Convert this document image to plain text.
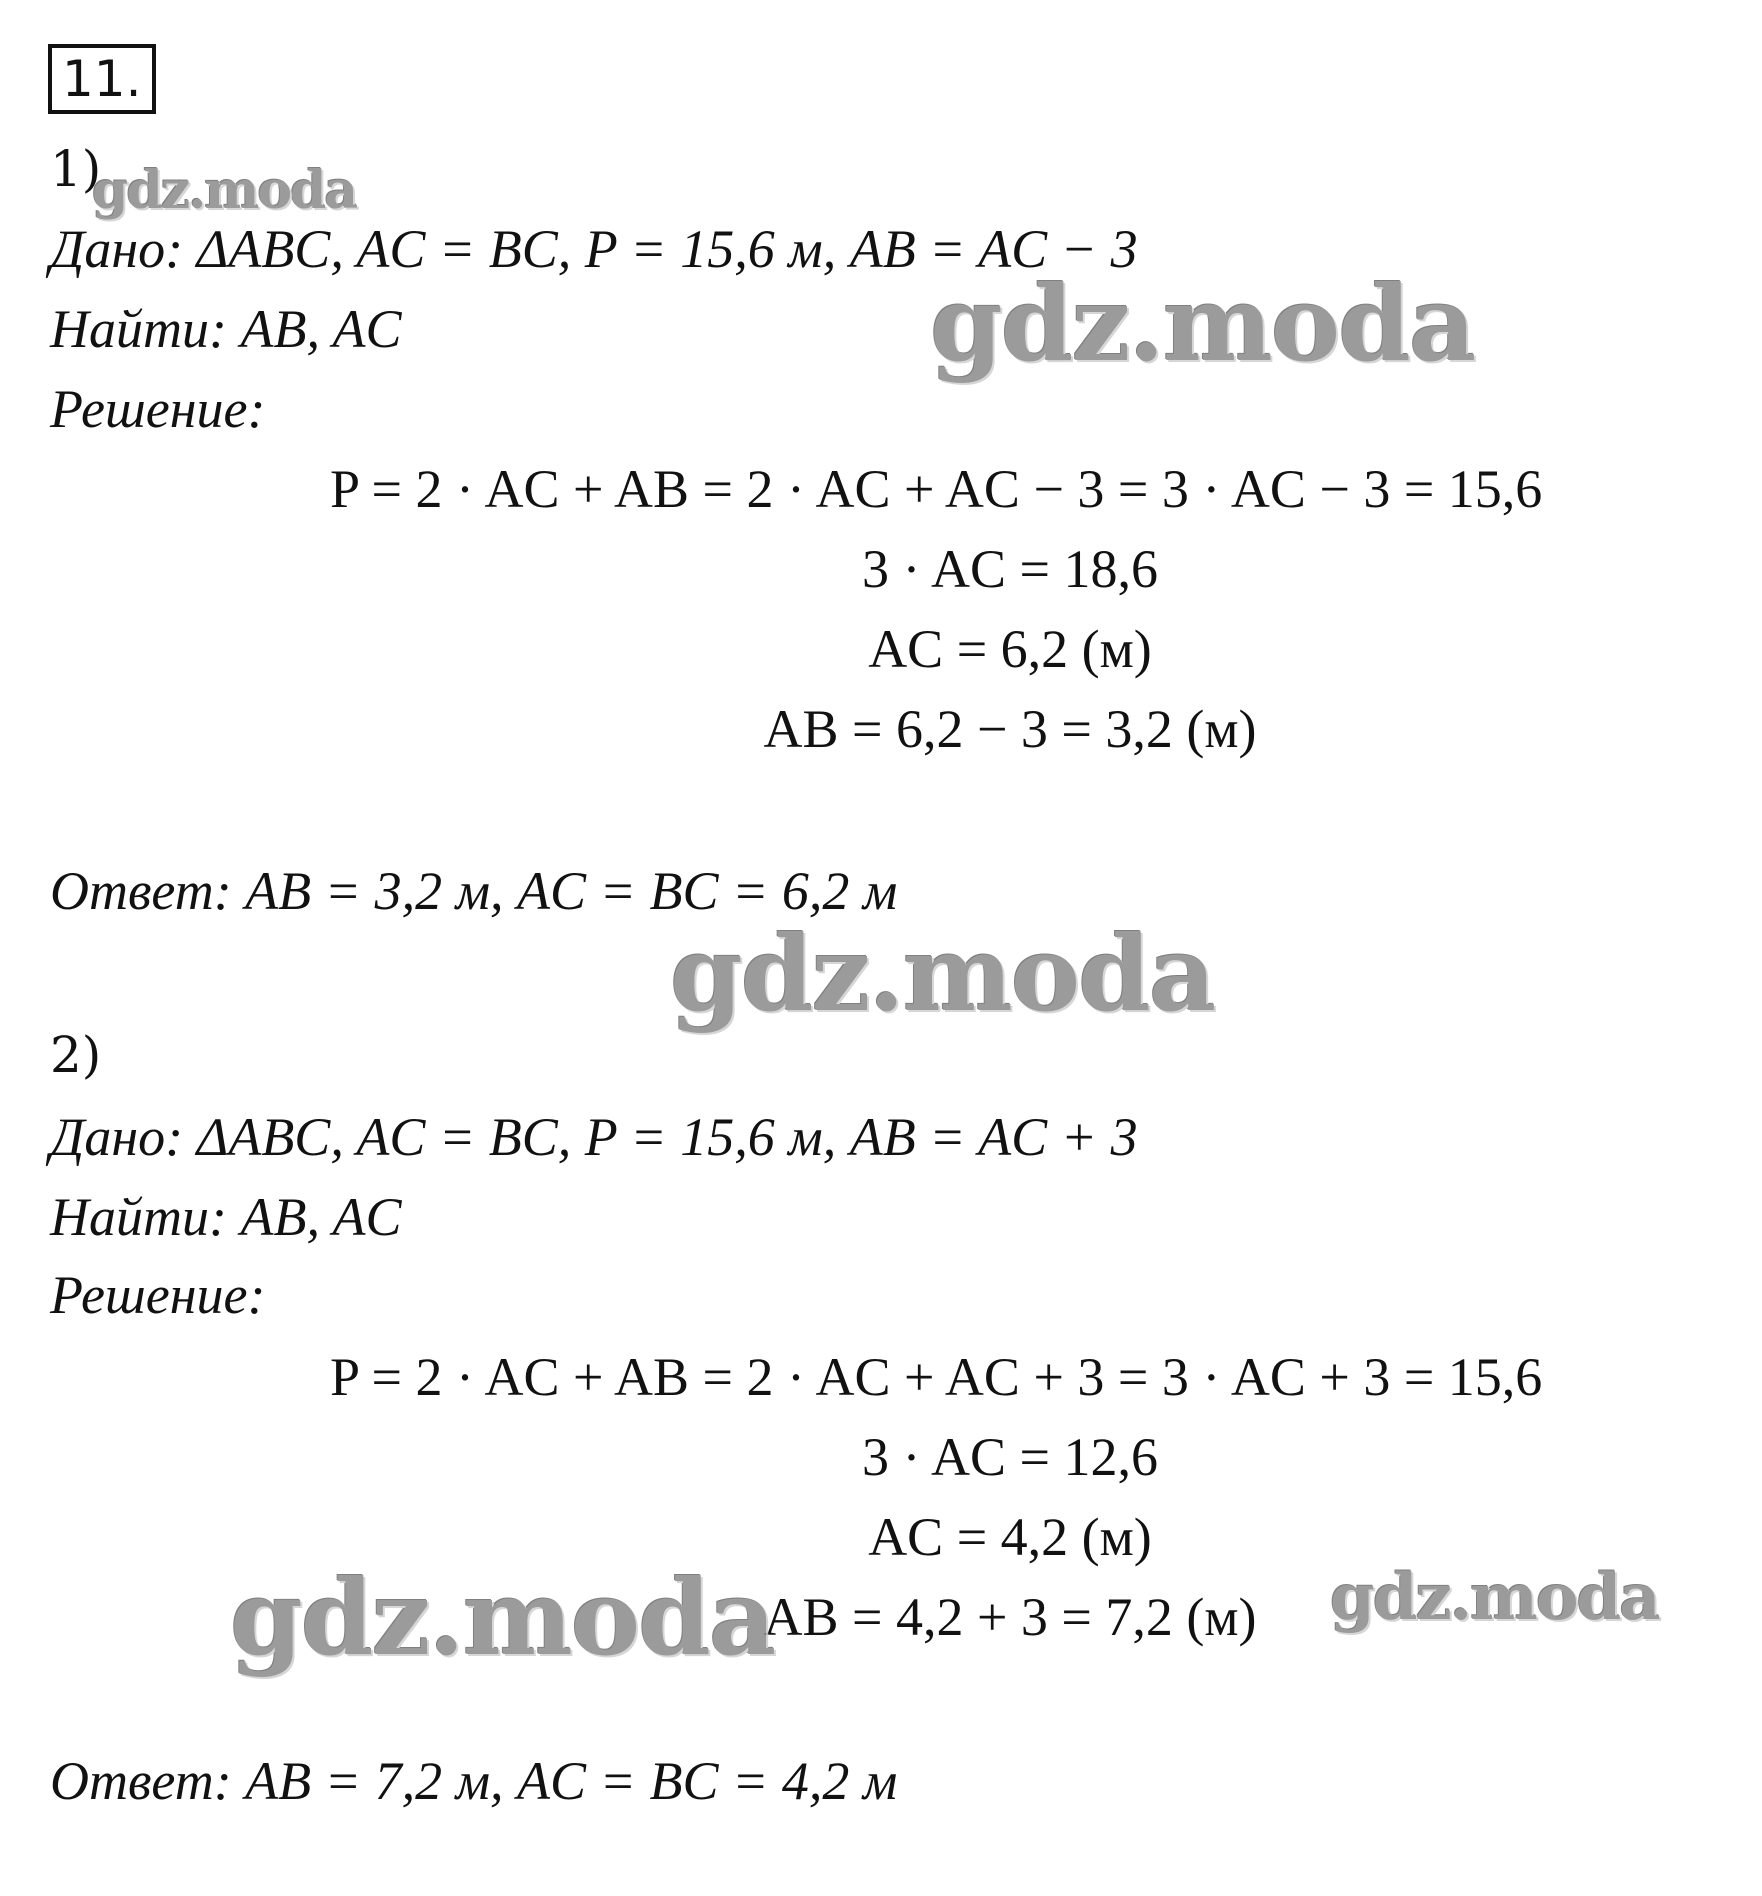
11.
1)
Дано: ΔABC, AC = BC, P = 15,6 м, AB = AC − 3
Найти: AB, AC
Решение:
P = 2 · AC + AB = 2 · AC + AC − 3 = 3 · AC − 3 = 15,6
3 · AC = 18,6
AC = 6,2 (м)
AB = 6,2 − 3 = 3,2 (м)
Ответ: AB = 3,2 м, AC = BC = 6,2 м
2)
Дано: ΔABC, AC = BC, P = 15,6 м, AB = AC + 3
Найти: AB, AC
Решение:
P = 2 · AC + AB = 2 · AC + AC + 3 = 3 · AC + 3 = 15,6
3 · AC = 12,6
AC = 4,2 (м)
AB = 4,2 + 3 = 7,2 (м)
Ответ: AB = 7,2 м, AC = BC = 4,2 м
gdz.moda
gdz.moda
gdz.moda
gdz.moda	gdz.moda
